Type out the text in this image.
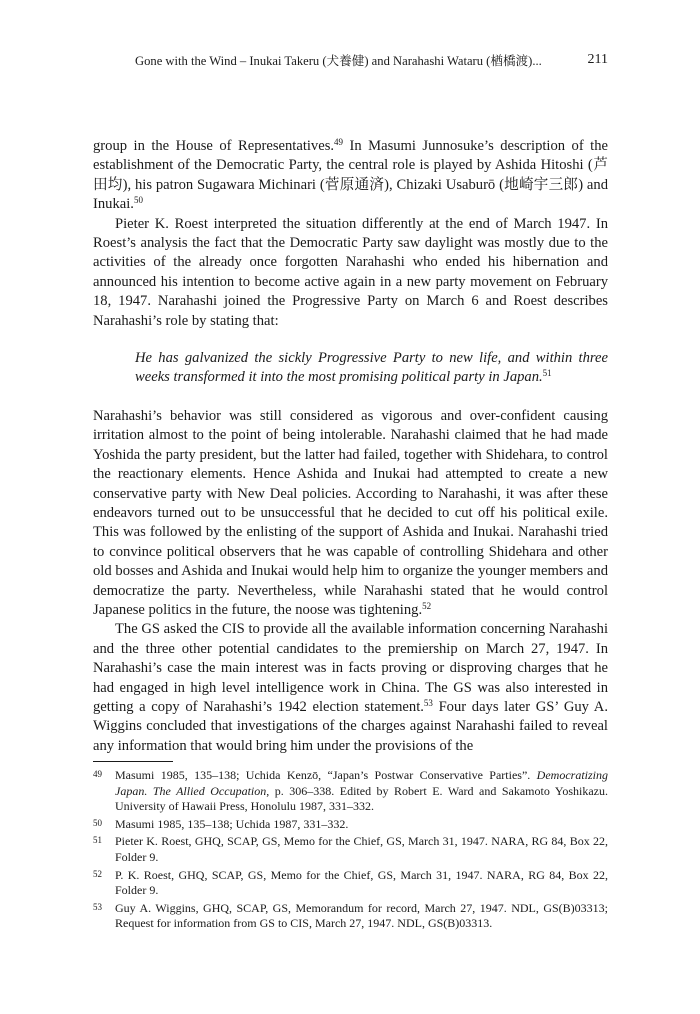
Gone with the Wind – Inukai Takeru (犬養健) and Narahashi Wataru (楢橋渡)...	211

group in the House of Representatives.$^{49}$ In Masumi Junnosuke’s description of the establishment of the Democratic Party, the central role is played by Ashida Hitoshi (芦田均), his patron Sugawara Michinari (菅原通済), Chizaki Usaburō (地崎宇三郎) and Inukai.$^{50}$

Pieter K. Roest interpreted the situation differently at the end of March 1947. In Roest’s analysis the fact that the Democratic Party saw daylight was mostly due to the activities of the already once forgotten Narahashi who ended his hibernation and announced his intention to become active again in a new party movement on February 18, 1947. Narahashi joined the Progressive Party on March 6 and Roest describes Narahashi’s role by stating that:

He has galvanized the sickly Progressive Party to new life, and within three weeks transformed it into the most promising political party in Japan.$^{51}$

Narahashi’s behavior was still considered as vigorous and over-confident causing irritation almost to the point of being intolerable. Narahashi claimed that he had made Yoshida the party president, but the latter had failed, together with Shidehara, to control the reactionary elements. Hence Ashida and Inukai had attempted to create a new conservative party with New Deal policies. According to Narahashi, it was after these endeavors turned out to be unsuccessful that he decided to cut off his political exile. This was followed by the enlisting of the support of Ashida and Inukai. Narahashi tried to convince political observers that he was capable of controlling Shidehara and other old bosses and Ashida and Inukai would help him to organize the younger members and democratize the party. Nevertheless, while Narahashi stated that he would control Japanese politics in the future, the noose was tightening.$^{52}$

The GS asked the CIS to provide all the available information concerning Narahashi and the three other potential candidates to the premiership on March 27, 1947. In Narahashi’s case the main interest was in facts proving or disproving charges that he had engaged in high level intelligence work in China. The GS was also interested in getting a copy of Narahashi’s 1942 election statement.$^{53}$ Four days later GS’ Guy A. Wiggins concluded that investigations of the charges against Narahashi failed to reveal any information that would bring him under the provisions of the

49 Masumi 1985, 135–138; Uchida Kenzō, “Japan’s Postwar Conservative Parties”. Democratizing Japan. The Allied Occupation, p. 306–338. Edited by Robert E. Ward and Sakamoto Yoshikazu. University of Hawaii Press, Honolulu 1987, 331–332.
50 Masumi 1985, 135–138; Uchida 1987, 331–332.
51 Pieter K. Roest, GHQ, SCAP, GS, Memo for the Chief, GS, March 31, 1947. NARA, RG 84, Box 22, Folder 9.
52 P. K. Roest, GHQ, SCAP, GS, Memo for the Chief, GS, March 31, 1947. NARA, RG 84, Box 22, Folder 9.
53 Guy A. Wiggins, GHQ, SCAP, GS, Memorandum for record, March 27, 1947. NDL, GS(B)03313; Request for information from GS to CIS, March 27, 1947. NDL, GS(B)03313.
